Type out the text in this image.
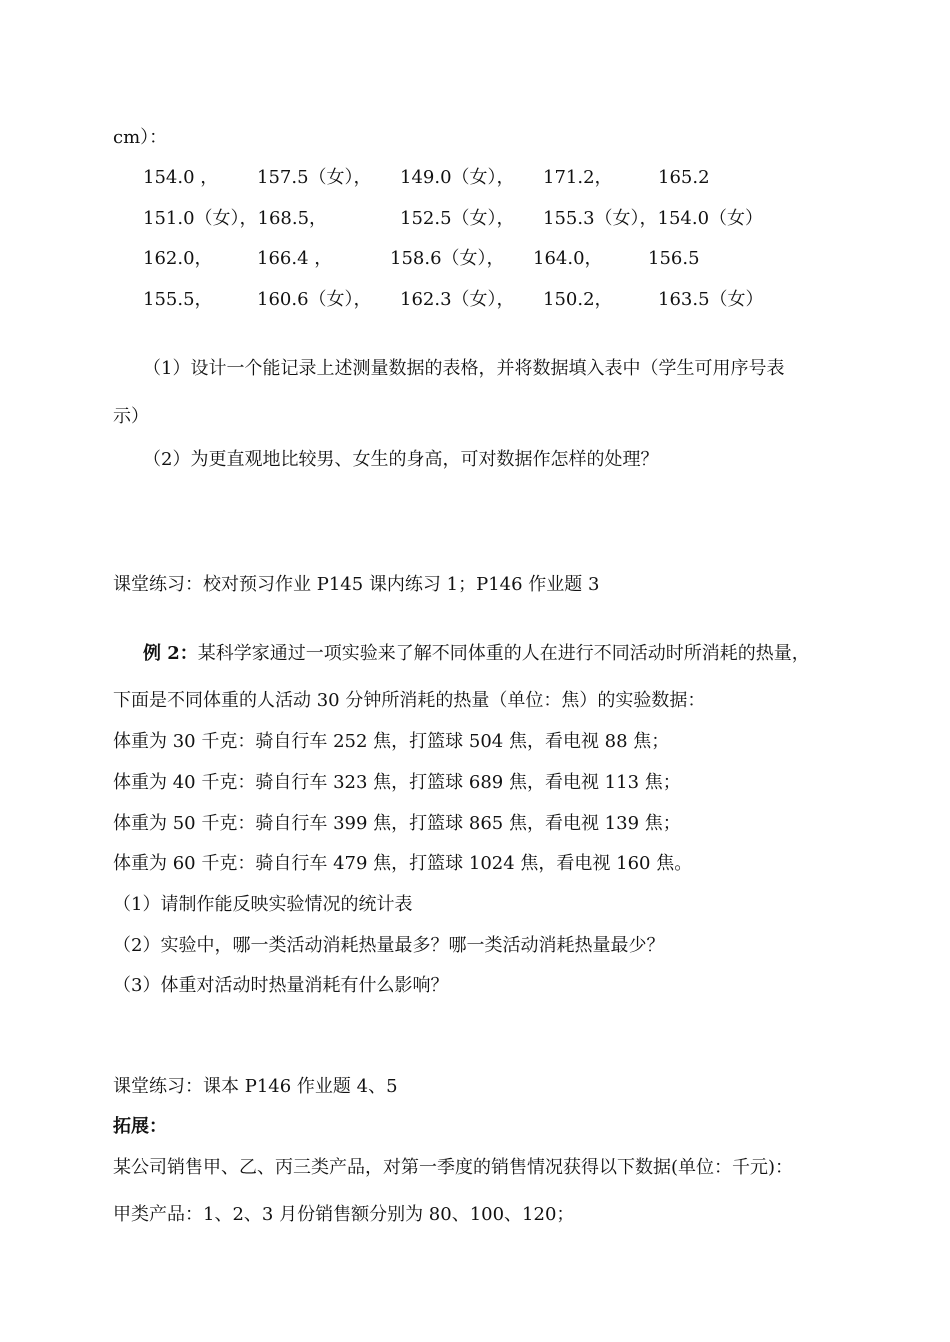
cm）：
154.0 ， 157.5（女）， 149.0（女）， 171.2，	165.2
151.0（女），168.5，	152.5（女）， 155.3（女），154.0（女）
162.0， 166.4 ，	158.6（女）， 164.0，	156.5
155.5， 160.6（女）， 162.3（女）， 150.2，	163.5（女）
（1）设计一个能记录上述测量数据的表格，并将数据填入表中（学生可用序号表
示）
（2）为更直观地比较男、女生的身高，可对数据作怎样的处理？
课堂练习：校对预习作业 P145 课内练习 1；P146 作业题 3
例 2：某科学家通过一项实验来了解不同体重的人在进行不同活动时所消耗的热量，
下面是不同体重的人活动 30 分钟所消耗的热量（单位：焦）的实验数据：
体重为 30 千克：骑自行车 252 焦，打篮球 504 焦，看电视 88 焦；
体重为 40 千克：骑自行车 323 焦，打篮球 689 焦，看电视 113 焦；
体重为 50 千克：骑自行车 399 焦，打篮球 865 焦，看电视 139 焦；
体重为 60 千克：骑自行车 479 焦，打篮球 1024 焦，看电视 160 焦。
（1）请制作能反映实验情况的统计表
（2）实验中，哪一类活动消耗热量最多？哪一类活动消耗热量最少？
（3）体重对活动时热量消耗有什么影响？
课堂练习：课本 P146 作业题 4、5
拓展：
某公司销售甲、乙、丙三类产品，对第一季度的销售情况获得以下数据(单位：千元)：
甲类产品：1、2、3 月份销售额分别为 80、100、120；
